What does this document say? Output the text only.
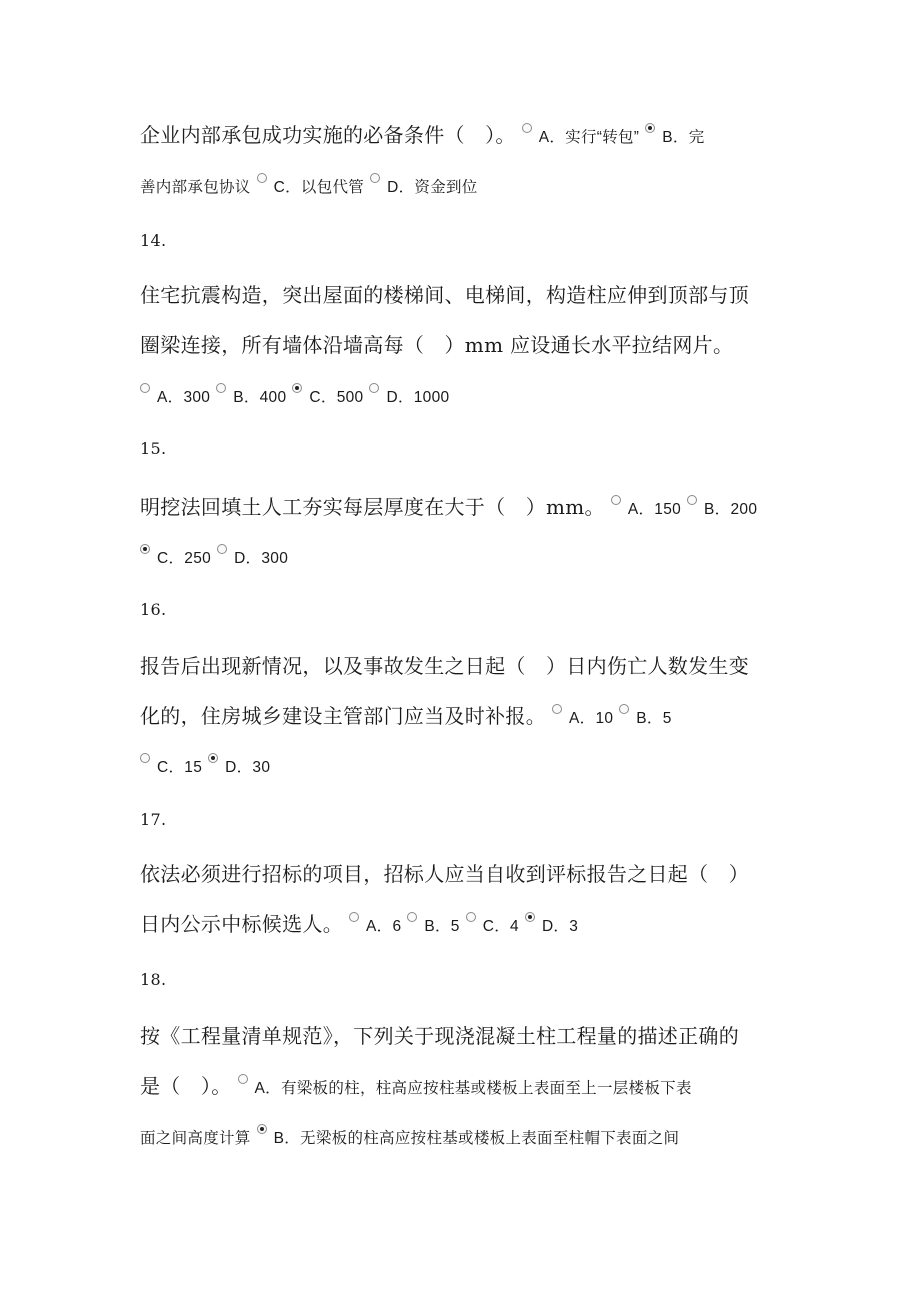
企业内部承包成功实施的必备条件（　）。 A．实行“转包” B．完
善内部承包协议 C．以包代管 D．资金到位
14.
住宅抗震构造，突出屋面的楼梯间、电梯间，构造柱应伸到顶部与顶
圈梁连接，所有墙体沿墙高每（　）mm 应设通长水平拉结网片。
A．300 B．400 C．500 D．1000
15.
明挖法回填土人工夯实每层厚度在大于（　）mm。 A．150 B．200
C．250 D．300
16.
报告后出现新情况，以及事故发生之日起（　）日内伤亡人数发生变
化的，住房城乡建设主管部门应当及时补报。 A．10 B．5
C．15 D．30
17.
依法必须进行招标的项目，招标人应当自收到评标报告之日起（　）
日内公示中标候选人。 A．6 B．5 C．4 D．3
18.
按《工程量清单规范》，下列关于现浇混凝土柱工程量的描述正确的
是（　）。 A．有梁板的柱，柱高应按柱基或楼板上表面至上一层楼板下表
面之间高度计算 B．无梁板的柱高应按柱基或楼板上表面至柱帽下表面之间
